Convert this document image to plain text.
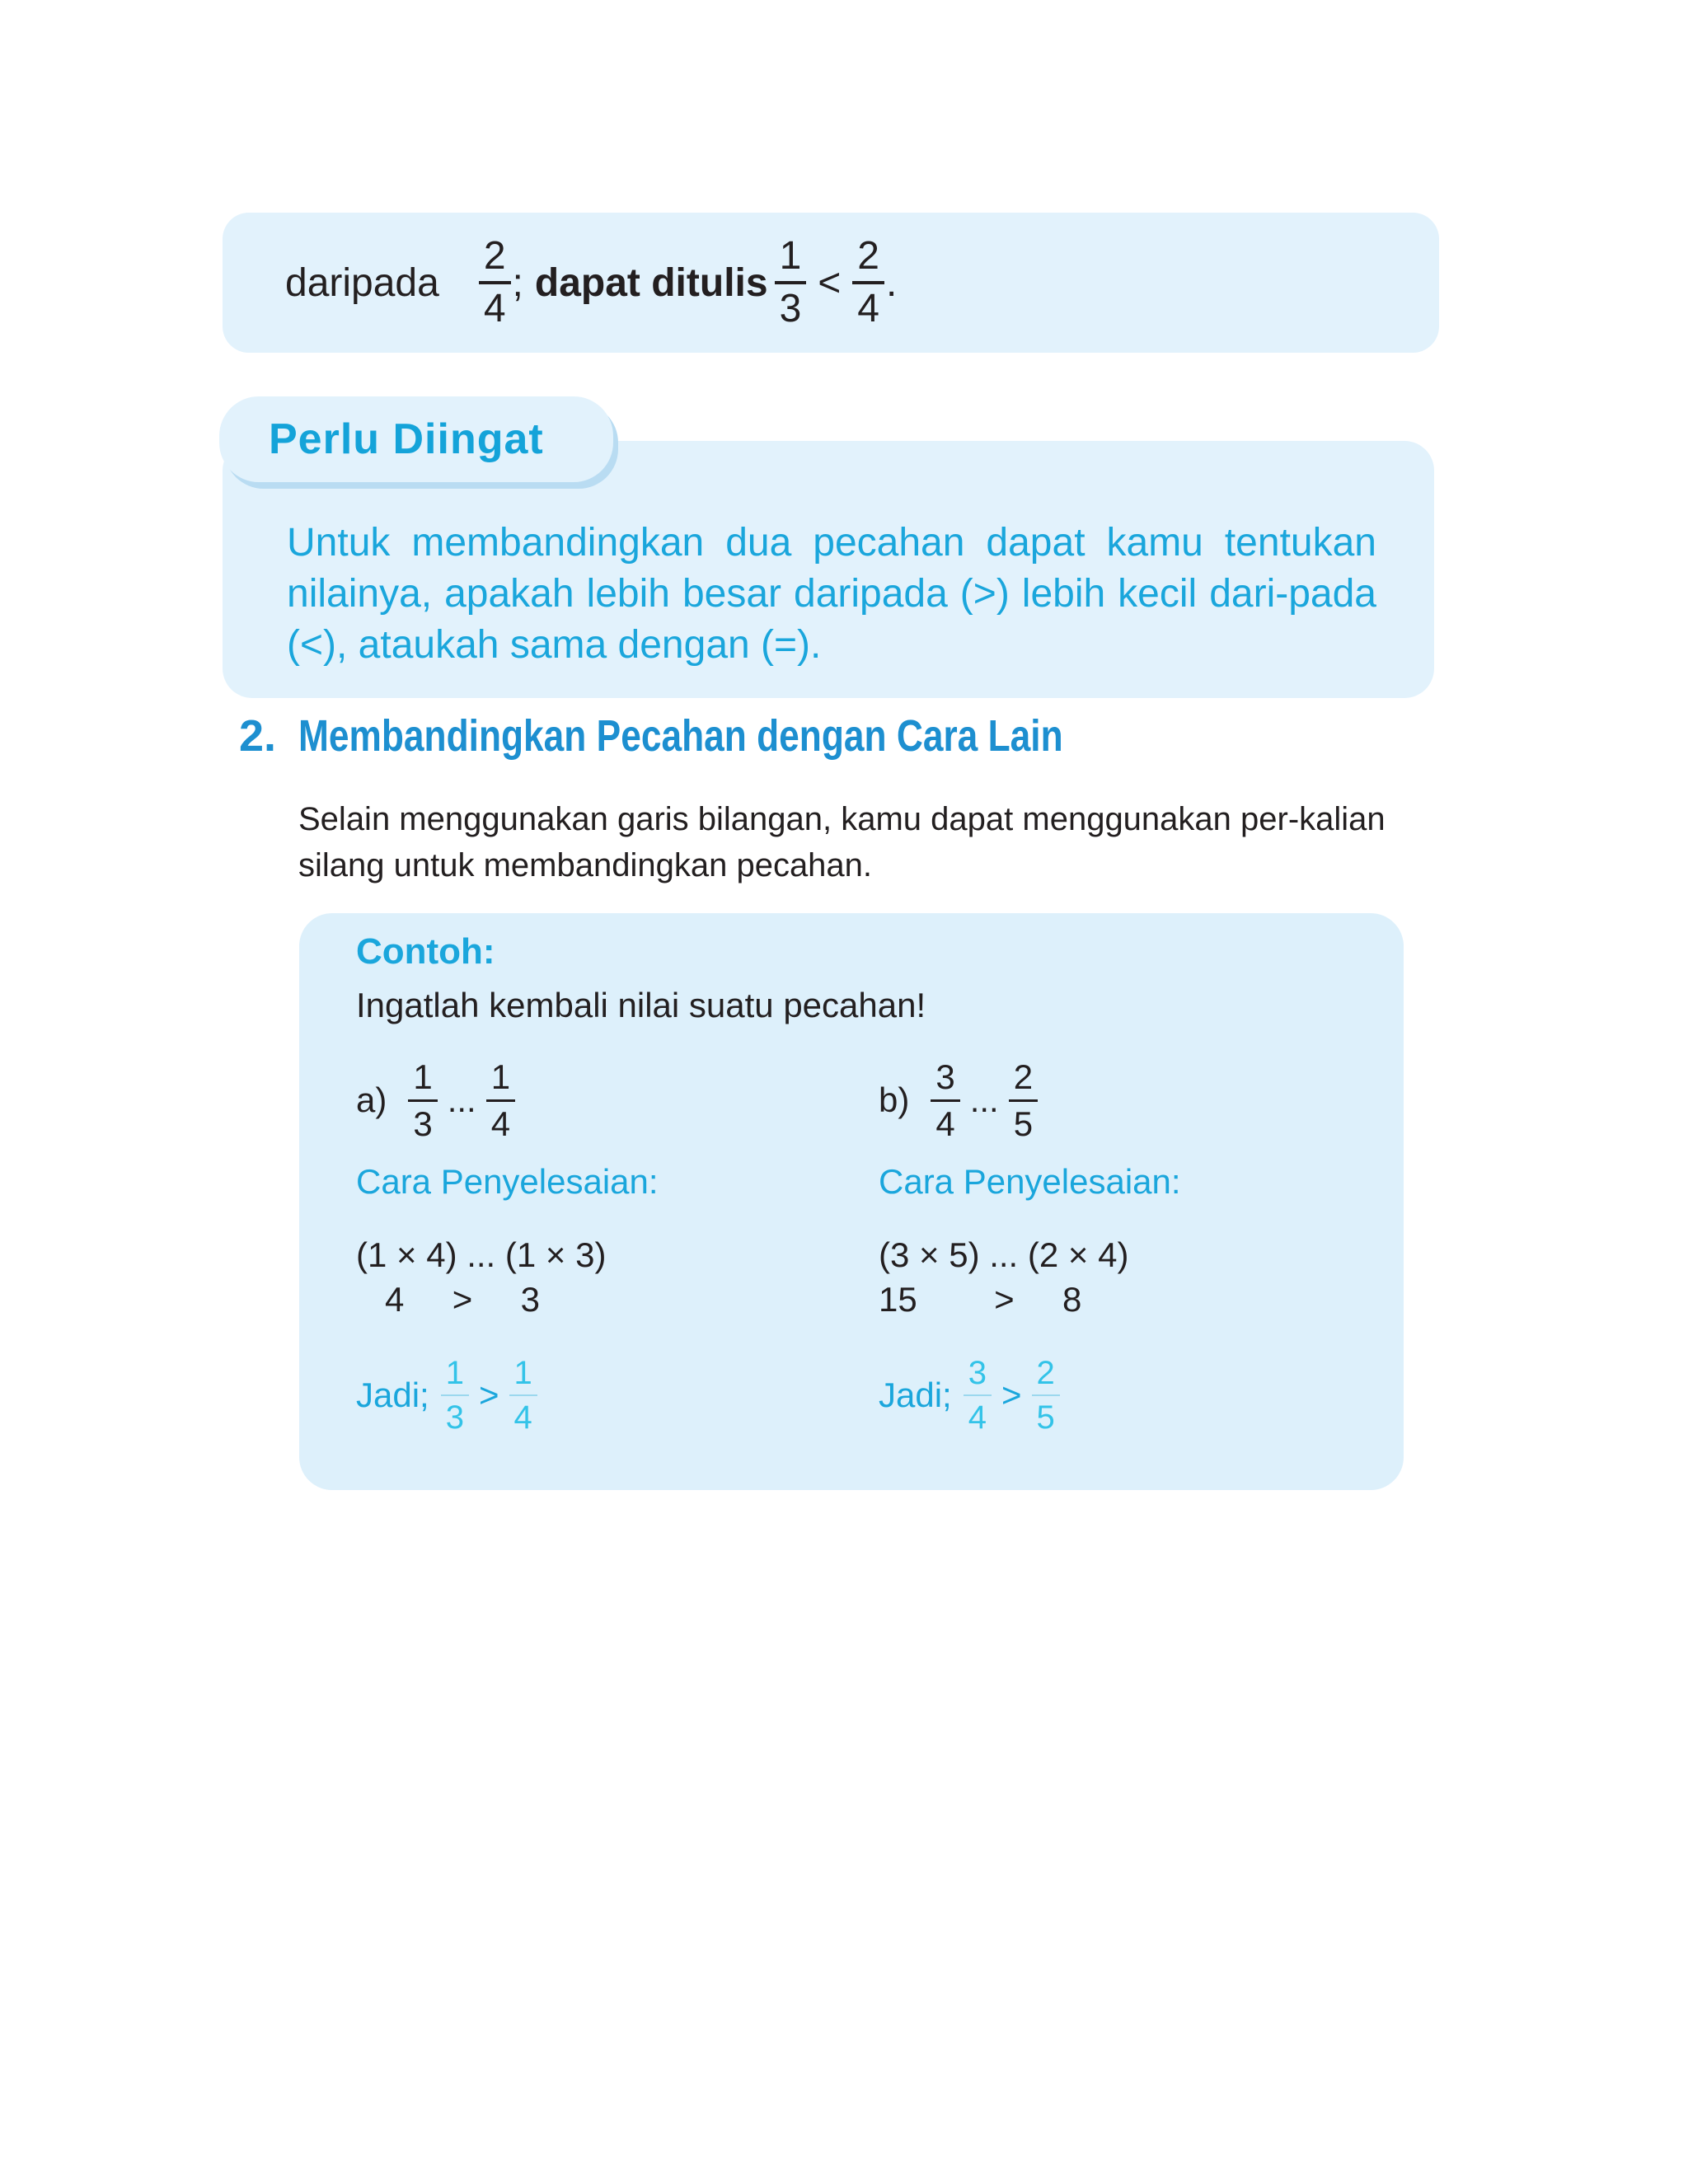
daripada $\frac{2}{4}$ ; dapat ditulis $\frac{1}{3} < \frac{2}{4}$ .
Perlu Diingat
Untuk membandingkan dua pecahan dapat kamu tentukan nilainya, apakah lebih besar daripada (>) lebih kecil dari-pada (<), ataukah sama dengan (=).
2. Membandingkan Pecahan dengan Cara Lain
Selain menggunakan garis bilangan, kamu dapat menggunakan per-kalian silang untuk membandingkan pecahan.
Contoh:
Ingatlah kembali nilai suatu pecahan!
$a) \frac{1}{3}$ ... $\frac{1}{4}$
Cara Penyelesaian:
(1 × 4) ... (1 × 3)
4     >     3
Jadi; $\frac{1}{3} > \frac{1}{4}$
$b) \frac{3}{4}$ ... $\frac{2}{5}$
Cara Penyelesaian:
(3 × 5) ... (2 × 4)
15        >     8
Jadi; $\frac{3}{4} > \frac{2}{5}$
